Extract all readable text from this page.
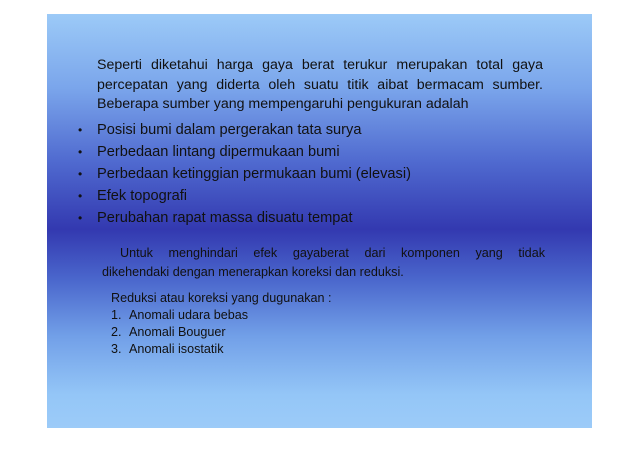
Seperti diketahui harga gaya berat terukur merupakan total gaya
percepatan yang diderta oleh suatu titik aibat bermacam sumber.
Beberapa sumber yang mempengaruhi pengukuran adalah
• Posisi bumi dalam pergerakan tata surya
• Perbedaan lintang dipermukaan bumi
• Perbedaan ketinggian permukaan bumi (elevasi)
• Efek topografi
• Perubahan rapat massa disuatu tempat
Untuk menghindari efek gayaberat dari komponen yang tidak
dikehendaki dengan menerapkan koreksi dan reduksi.
Reduksi atau koreksi yang dugunakan :
1. Anomali udara bebas
2. Anomali Bouguer
3. Anomali isostatik
